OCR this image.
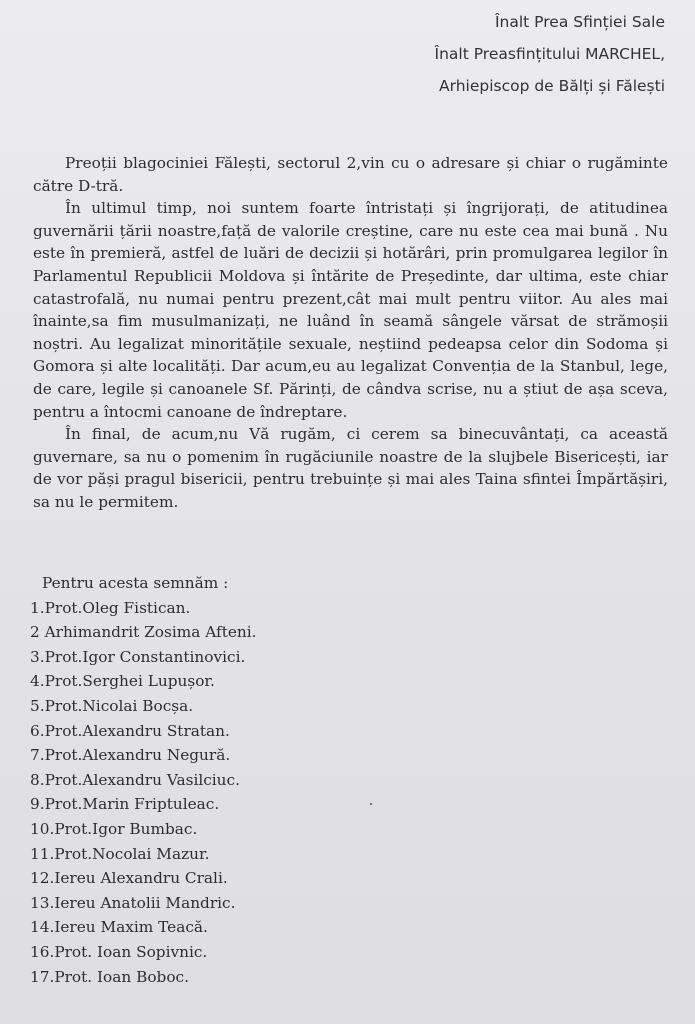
Înalt Prea Sfinției Sale
Înalt Preasfințitului MARCHEL,
Arhiepiscop de Bălți și Fălești

Preoții blagociniei Fălești, sectorul 2,vin cu o adresare și chiar o rugăminte către D-tră.

În ultimul timp, noi suntem foarte întristați și îngrijorați, de atitudinea guvernării țării noastre,față de valorile creștine, care nu este cea mai bună . Nu este în premieră, astfel de luări de decizii și hotărâri, prin promulgarea legilor în Parlamentul Republicii Moldova și întărite de Președinte, dar ultima, este chiar catastrofală, nu numai pentru prezent,cât mai mult pentru viitor. Au ales mai înainte,sa fim musulmanizați, ne luând în seamă sângele vărsat de strămoșii noștri. Au legalizat minoritățile sexuale, neștiind pedeapsa celor din Sodoma și Gomora și alte localități. Dar acum,eu au legalizat Convenția de la Stanbul, lege, de care, legile și canoanele Sf. Părinți, de cândva scrise, nu a știut de așa sceva, pentru a întocmi canoane de îndreptare.

În final, de acum,nu Vă rugăm, ci cerem sa binecuvântați, ca această guvernare, sa nu o pomenim în rugăciunile noastre de la slujbele Bisericești, iar de vor păși pragul bisericii, pentru trebuințe și mai ales Taina sfintei Împărtășiri, sa nu le permitem.

Pentru acesta semnăm :
1.Prot.Oleg Fistican.
2 Arhimandrit Zosima Afteni.
3.Prot.Igor Constantinovici.
4.Prot.Serghei Lupușor.
5.Prot.Nicolai Bocșa.
6.Prot.Alexandru Stratan.
7.Prot.Alexandru Negură.
8.Prot.Alexandru Vasilciuc.
9.Prot.Marin Friptuleac.
10.Prot.Igor Bumbac.
11.Prot.Nocolai Mazur.
12.Iereu Alexandru Crali.
13.Iereu Anatolii Mandric.
14.Iereu Maxim Teacă.
16.Prot. Ioan Sopivnic.
17.Prot. Ioan Boboc.
